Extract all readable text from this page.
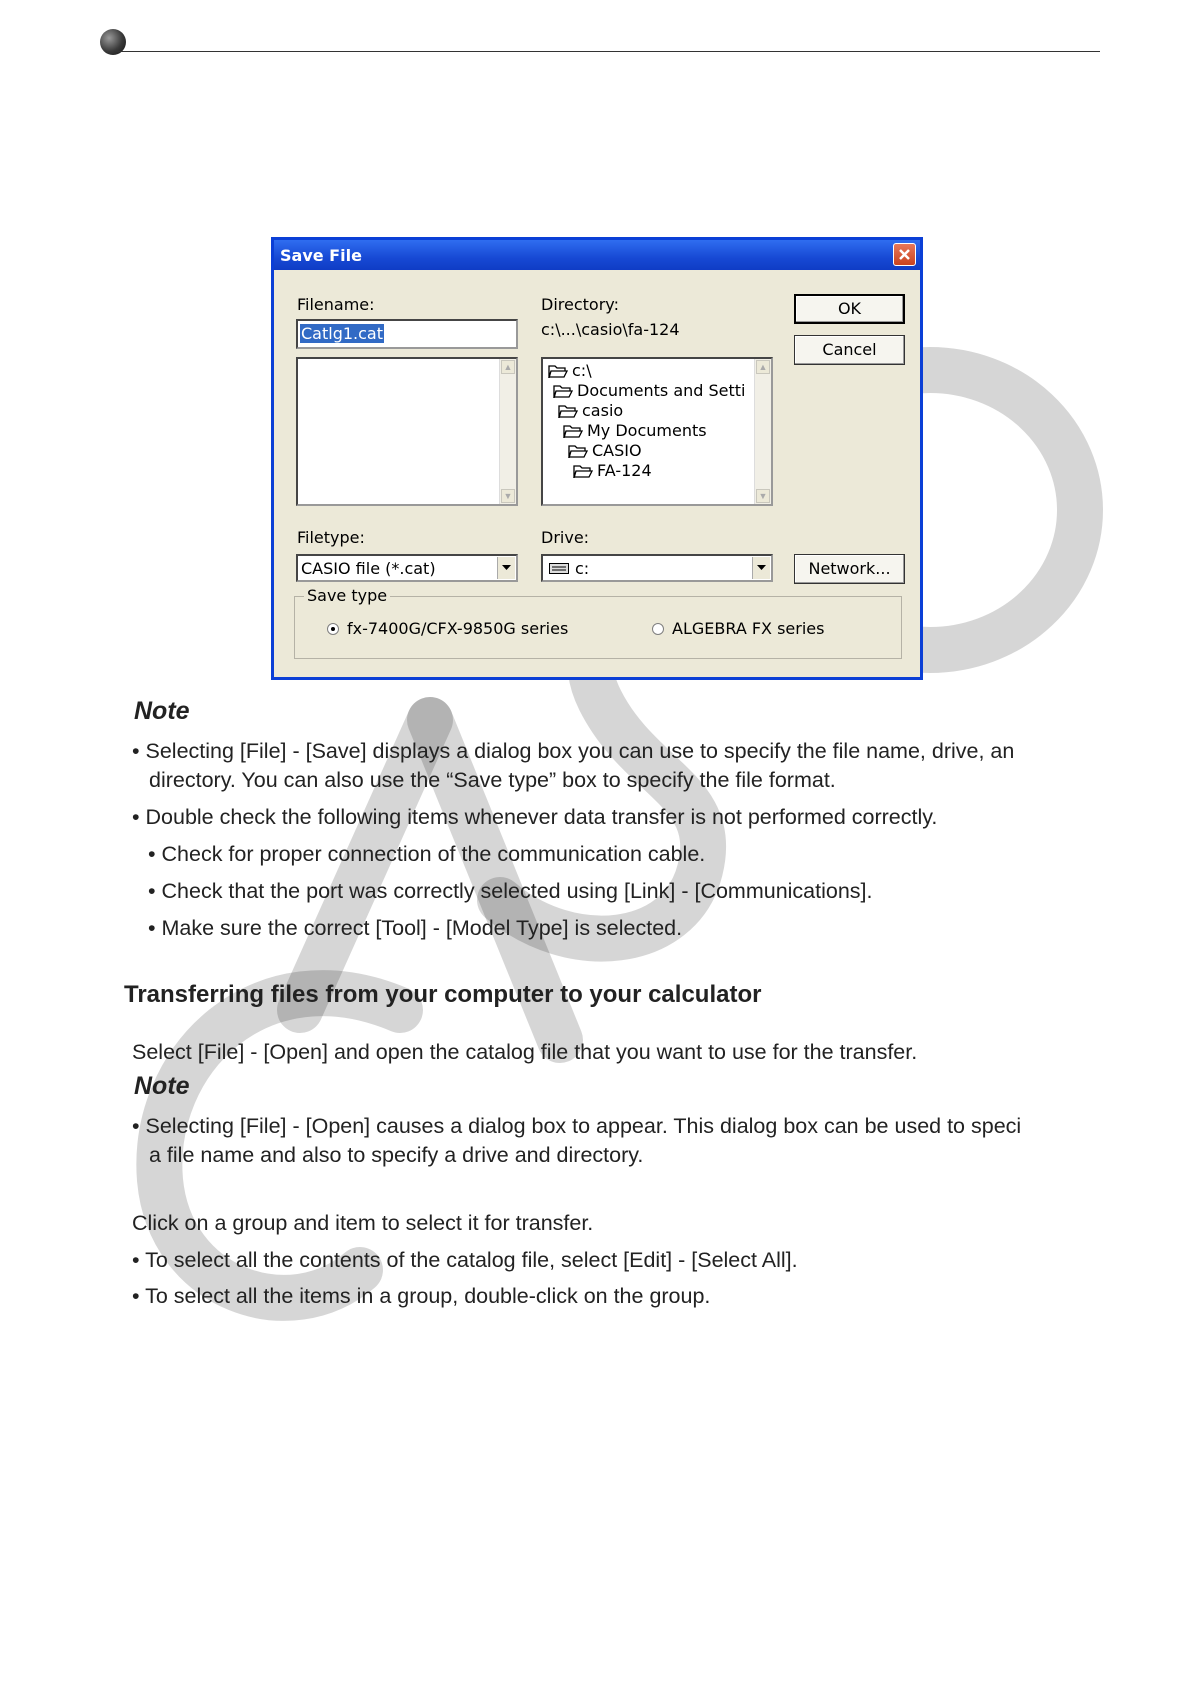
Save File
Filename:
Catlg1.cat
▲
▼
Directory:
c:\...\casio\fa-124
▲
▼
c:\
Documents and Setti
casio
My Documents
CASIO
FA-124
OK
Cancel
Filetype:
CASIO file (*.cat)
Drive:
c:	Network...
Save type
fx-7400G/CFX-9850G series	ALGEBRA FX series
Note
• Selecting [File] - [Save] displays a dialog box you can use to specify the file name, drive, an
directory. You can also use the “Save type” box to specify the file format.
• Double check the following items whenever data transfer is not performed correctly.
• Check for proper connection of the communication cable.
• Check that the port was correctly selected using [Link] - [Communications].
• Make sure the correct [Tool] - [Model Type] is selected.
Transferring files from your computer to your calculator
Select [File] - [Open] and open the catalog file that you want to use for the transfer.
Note
• Selecting [File] - [Open] causes a dialog box to appear. This dialog box can be used to speci
a file name and also to specify a drive and directory.
Click on a group and item to select it for transfer.
• To select all the contents of the catalog file, select [Edit] - [Select All].
• To select all the items in a group, double-click on the group.
